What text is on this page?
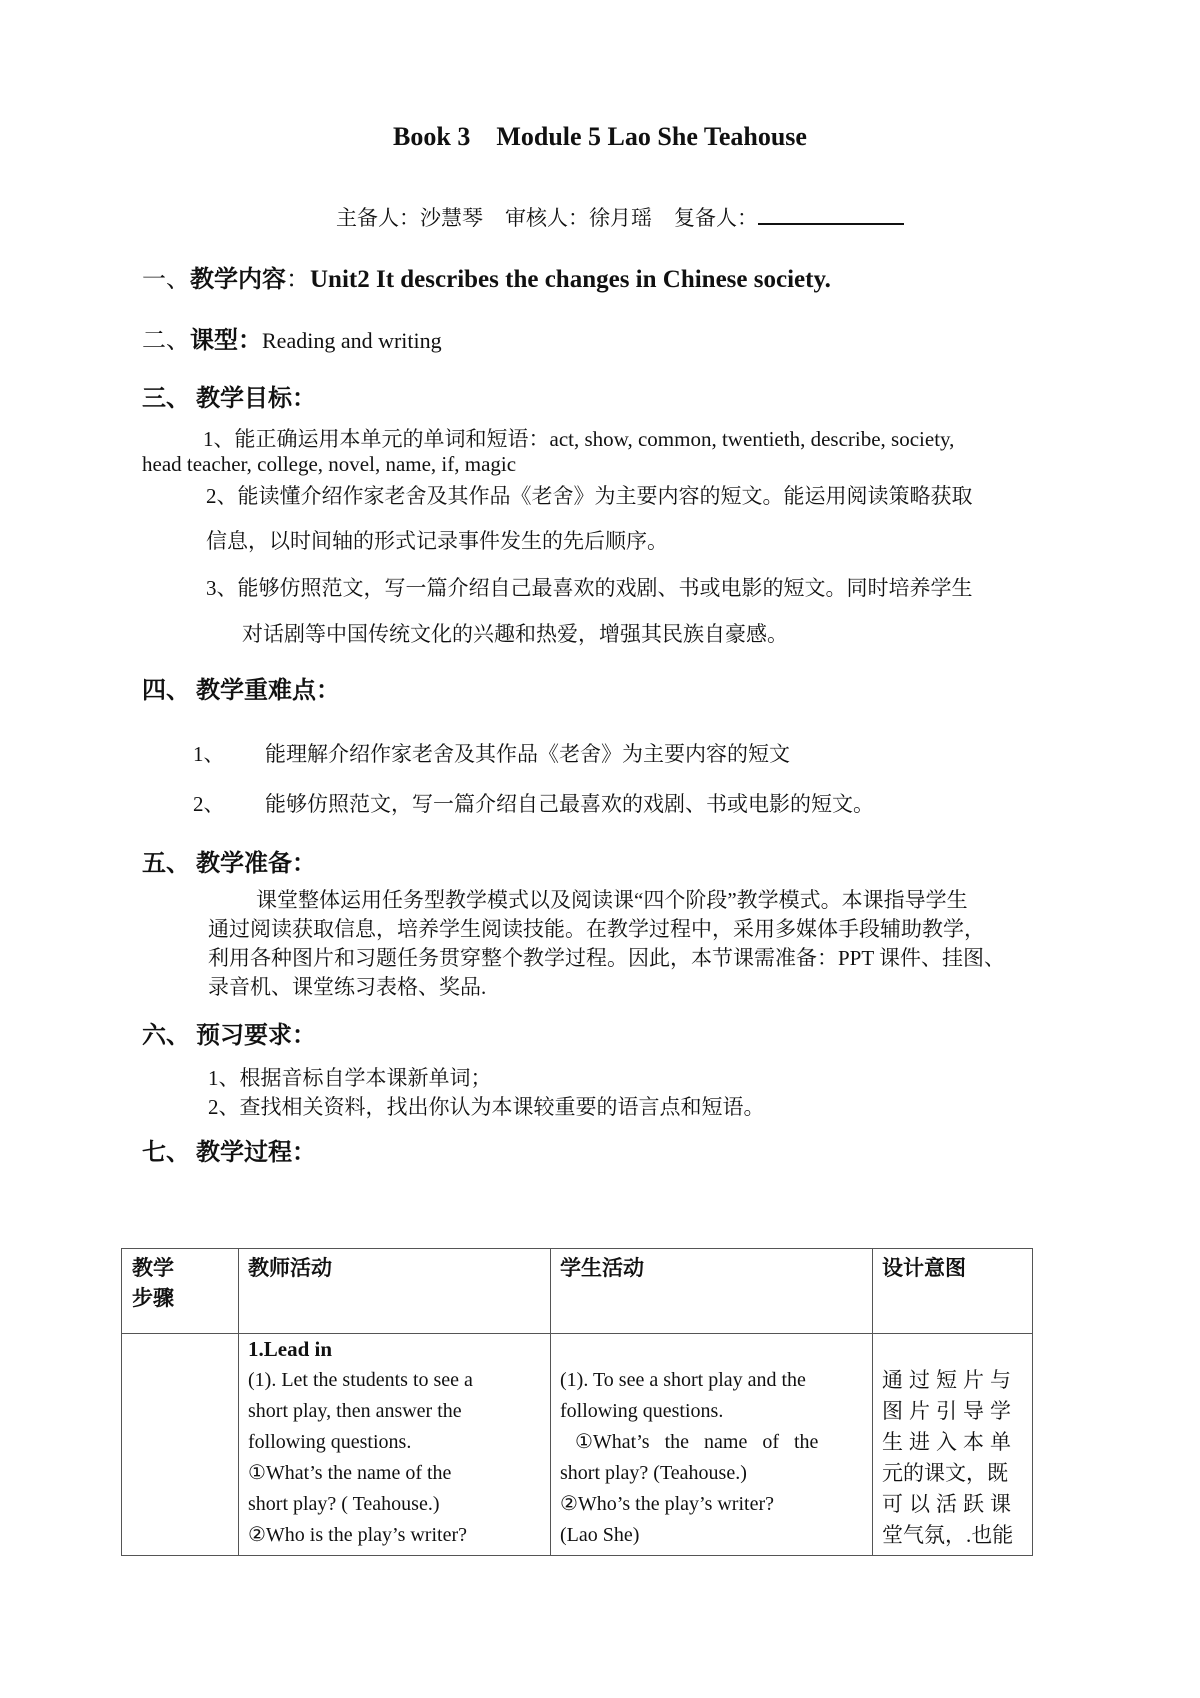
Book 3 Module 5 Lao She Teahouse
主备人：沙慧琴 审核人：徐月瑶 复备人：
一、教学内容：Unit2 It describes the changes in Chinese society.
二、课型：Reading and writing
三、 教学目标：
1、能正确运用本单元的单词和短语：act, show, common, twentieth, describe, society,
head teacher, college, novel, name, if, magic
2、能读懂介绍作家老舍及其作品《老舍》为主要内容的短文。能运用阅读策略获取
信息，以时间轴的形式记录事件发生的先后顺序。
3、能够仿照范文，写一篇介绍自己最喜欢的戏剧、书或电影的短文。同时培养学生
对话剧等中国传统文化的兴趣和热爱，增强其民族自豪感。
四、 教学重难点：
1、 能理解介绍作家老舍及其作品《老舍》为主要内容的短文
2、 能够仿照范文，写一篇介绍自己最喜欢的戏剧、书或电影的短文。
五、 教学准备：
课堂整体运用任务型教学模式以及阅读课“四个阶段”教学模式。本课指导学生
通过阅读获取信息，培养学生阅读技能。在教学过程中，采用多媒体手段辅助教学，
利用各种图片和习题任务贯穿整个教学过程。因此，本节课需准备：PPT 课件、挂图、
录音机、课堂练习表格、奖品.
六、 预习要求：
1、根据音标自学本课新单词；
2、查找相关资料，找出你认为本课较重要的语言点和短语。
七、 教学过程：
教学
步骤
教师活动	学生活动	设计意图
1.Lead in
(1). Let the students to see a
short play, then answer the
following questions.
①What’s the name of the
short play? ( Teahouse.)
②Who is the play’s writer?
(1). To see a short play and the
following questions.
①What’s the name of the
short play? (Teahouse.)
②Who’s the play’s writer?
(Lao She)
通过短片与
图片引导学
生进入本单
元的课文，既
可以活跃课
堂气氛，.也能
